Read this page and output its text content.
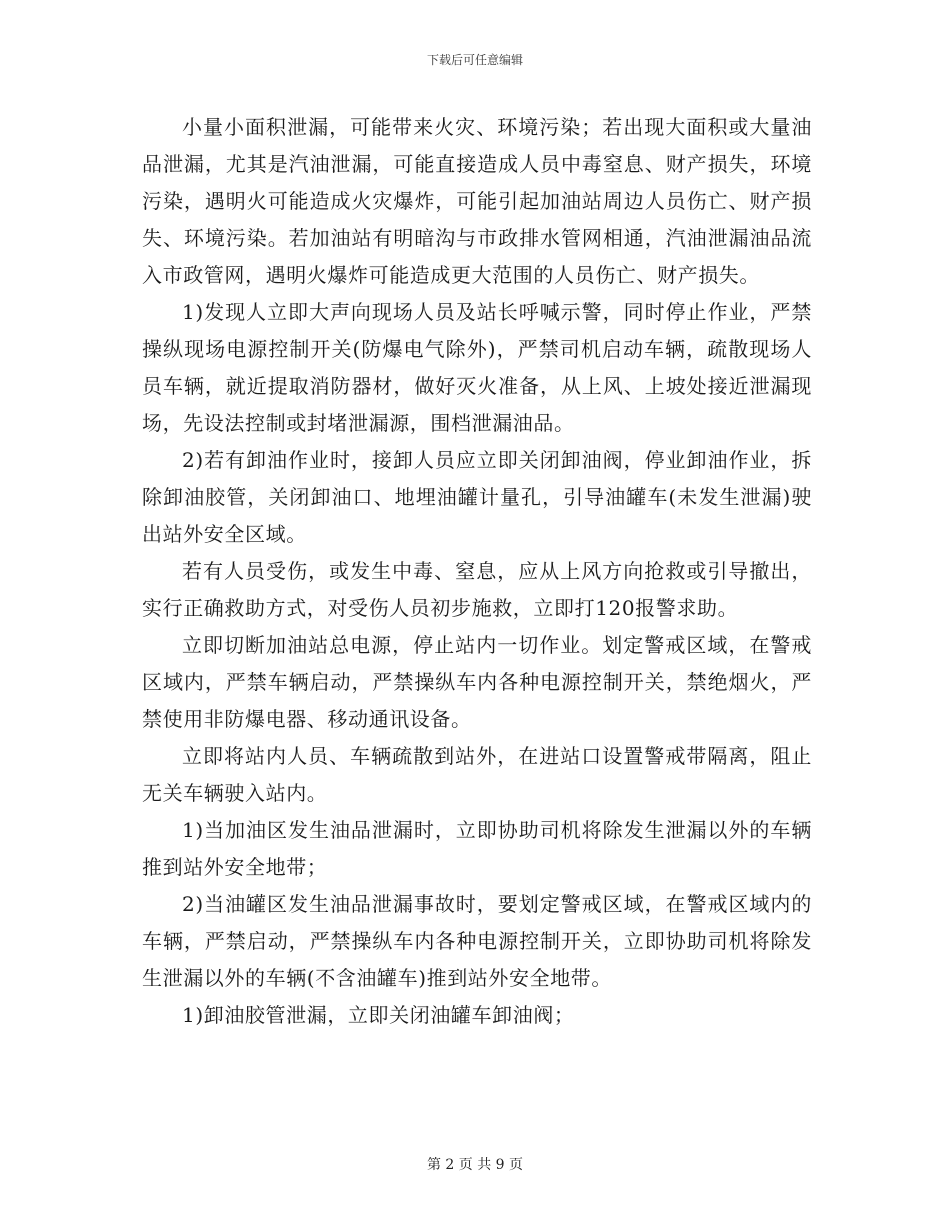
下载后可任意编辑

小量小面积泄漏，可能带来火灾、环境污染；若出现大面积或大量油品泄漏，尤其是汽油泄漏，可能直接造成人员中毒窒息、财产损失，环境污染，遇明火可能造成火灾爆炸，可能引起加油站周边人员伤亡、财产损失、环境污染。若加油站有明暗沟与市政排水管网相通，汽油泄漏油品流入市政管网，遇明火爆炸可能造成更大范围的人员伤亡、财产损失。

1)发现人立即大声向现场人员及站长呼喊示警，同时停止作业，严禁操纵现场电源控制开关(防爆电气除外)，严禁司机启动车辆，疏散现场人员车辆，就近提取消防器材，做好灭火准备，从上风、上坡处接近泄漏现场，先设法控制或封堵泄漏源，围档泄漏油品。

2)若有卸油作业时，接卸人员应立即关闭卸油阀，停业卸油作业，拆除卸油胶管，关闭卸油口、地埋油罐计量孔，引导油罐车(未发生泄漏)驶出站外安全区域。

若有人员受伤，或发生中毒、窒息，应从上风方向抢救或引导撤出，实行正确救助方式，对受伤人员初步施救，立即打120报警求助。

立即切断加油站总电源，停止站内一切作业。划定警戒区域，在警戒区域内，严禁车辆启动，严禁操纵车内各种电源控制开关，禁绝烟火，严禁使用非防爆电器、移动通讯设备。

立即将站内人员、车辆疏散到站外，在进站口设置警戒带隔离，阻止无关车辆驶入站内。

1)当加油区发生油品泄漏时，立即协助司机将除发生泄漏以外的车辆推到站外安全地带；

2)当油罐区发生油品泄漏事故时，要划定警戒区域，在警戒区域内的车辆，严禁启动，严禁操纵车内各种电源控制开关，立即协助司机将除发生泄漏以外的车辆(不含油罐车)推到站外安全地带。

1)卸油胶管泄漏，立即关闭油罐车卸油阀；

第 2 页 共 9 页
